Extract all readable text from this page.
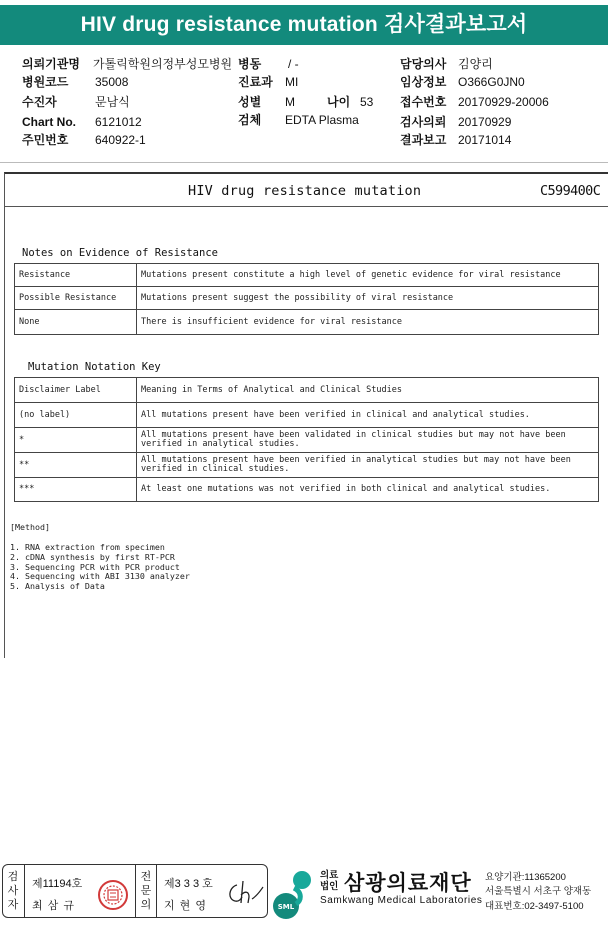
HIV drug resistance mutation 검사결과보고서
의뢰기관명 가톨릭학원의정부성모병원 병동 / -	담당의사 김양리
병원코드 35008	진료과 MI	임상정보 O366G0JN0
수진자	문남식	성별 M	나이 53 접수번호 20170929-20006
Chart No. 6121012	검체 EDTA Plasma	검사의뢰 20170929
주민번호 640922-1	결과보고 20171014
HIV drug resistance mutation	C599400C
Notes on Evidence of Resistance
Resistance	Mutations present constitute a high level of genetic evidence for viral resistance
Possible Resistance	Mutations present suggest the possibility of viral resistance
None	There is insufficient evidence for viral resistance
Mutation Notation Key
Disclaimer Label	Meaning in Terms of Analytical and Clinical Studies
(no label)	All mutations present have been verified in clinical and analytical studies.
*	All mutations present have been validated in clinical studies but may not have been verified in analytical studies.
**	All mutations present have been verified in analytical studies but may not have been verified in clinical studies.
***	At least one mutations was not verified in both clinical and analytical studies.
[Method]
1. RNA extraction from specimen
2. cDNA synthesis by first RT-PCR
3. Sequencing PCR with PCR product
4. Sequencing with ABI 3130 analyzer
5. Analysis of Data
검사자
제11194호
최 삼 규
전문의
제3 3 3 호
지 현 영	SML
의료
법인 삼광의료재단
Samkwang Medical Laboratories
요양기관:11365200
서울특별시 서초구 양재동
대표번호:02-3497-5100
